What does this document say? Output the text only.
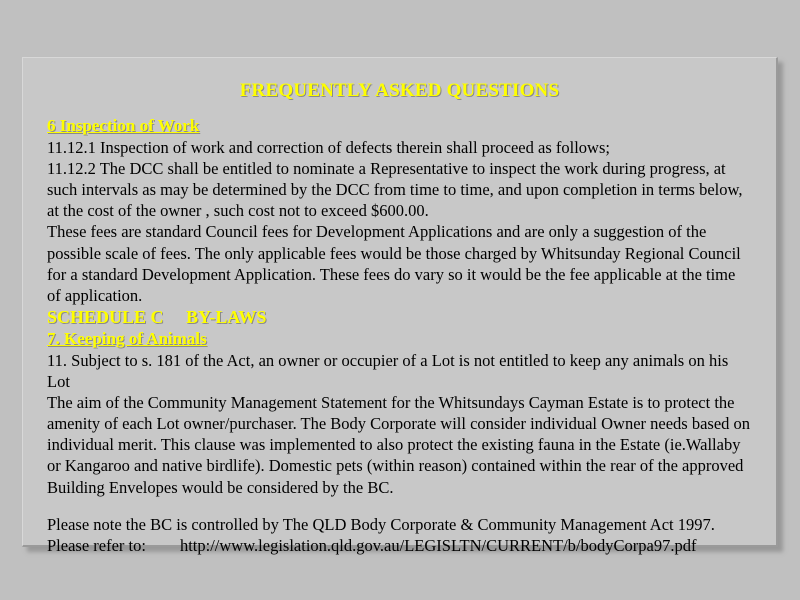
FREQUENTLY ASKED QUESTIONS
6 Inspection of Work

11.12.1 Inspection of work and correction of defects therein shall proceed as follows;

11.12.2 The DCC shall be entitled to nominate a Representative to inspect the work during progress, at such intervals as may be determined by the DCC from time to time, and upon completion in terms below, at the cost of the owner , such cost not to exceed $600.00.

These fees are standard Council fees for Development Applications and are only a suggestion of the possible scale of fees. The only applicable fees would be those charged by Whitsunday Regional Council for a standard Development Application. These fees do vary so it would be the fee applicable at the time of application.

SCHEDULE C     BY-LAWS
7. Keeping of Animals

11. Subject to s. 181 of the Act, an owner or occupier of a Lot is not entitled to keep any animals on his Lot

The aim of the Community Management Statement for the Whitsundays Cayman Estate is to protect the amenity of each Lot owner/purchaser. The Body Corporate will consider individual Owner needs based on individual merit. This clause was implemented to also protect the existing fauna in the Estate (ie.Wallaby or Kangaroo and native birdlife). Domestic pets (within reason) contained within the rear of the approved Building Envelopes would be considered by the BC.

Please note the BC is controlled by The QLD Body Corporate & Community Management Act 1997.

Please refer to: http://www.legislation.qld.gov.au/LEGISLTN/CURRENT/b/bodyCorpa97.pdf
